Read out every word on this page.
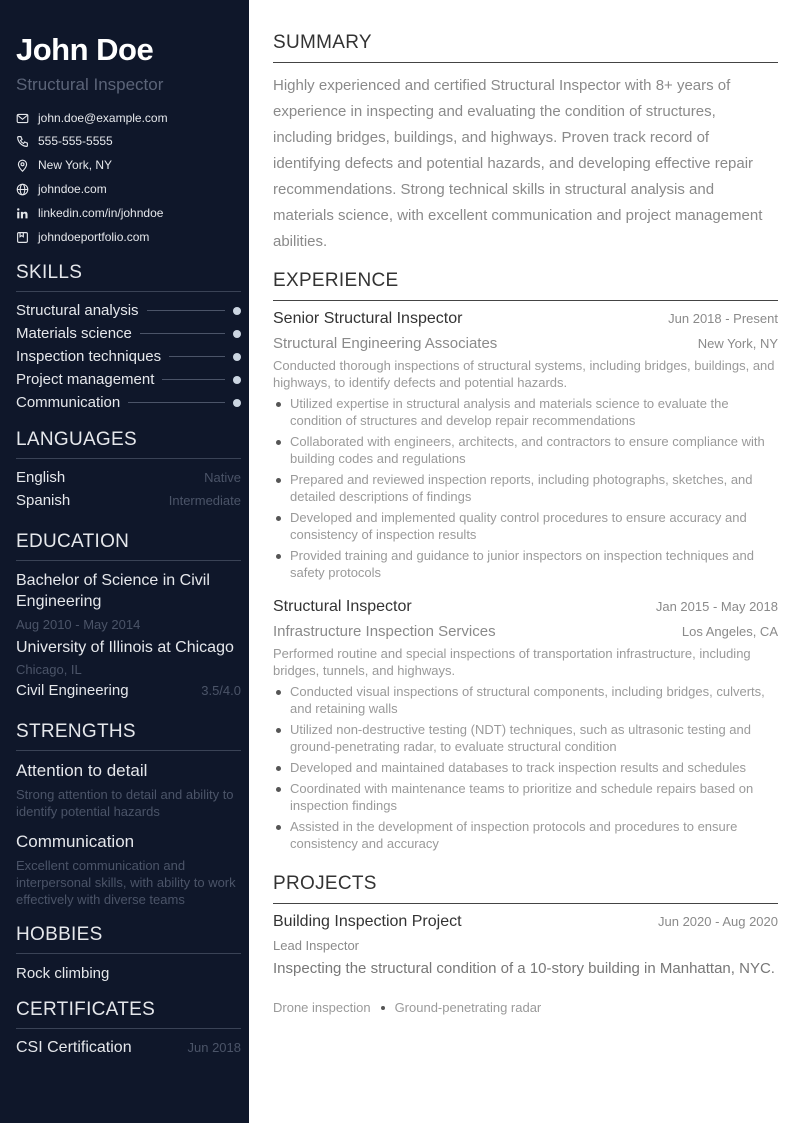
John Doe
Structural Inspector
john.doe@example.com
555-555-5555
New York, NY
johndoe.com
linkedin.com/in/johndoe
johndoeportfolio.com
SKILLS
Structural analysis
Materials science
Inspection techniques
Project management
Communication
LANGUAGES
English	Native
Spanish	Intermediate
EDUCATION
Bachelor of Science in Civil Engineering
Aug 2010 - May 2014
University of Illinois at Chicago
Chicago, IL
Civil Engineering	3.5/4.0
STRENGTHS
Attention to detail
Strong attention to detail and ability to identify potential hazards
Communication
Excellent communication and interpersonal skills, with ability to work effectively with diverse teams
HOBBIES
Rock climbing
CERTIFICATES
CSI Certification	Jun 2018
SUMMARY
Highly experienced and certified Structural Inspector with 8+ years of experience in inspecting and evaluating the condition of structures, including bridges, buildings, and highways. Proven track record of identifying defects and potential hazards, and developing effective repair recommendations. Strong technical skills in structural analysis and materials science, with excellent communication and project management abilities.
EXPERIENCE
Senior Structural Inspector	Jun 2018 - Present
Structural Engineering Associates	New York, NY
Conducted thorough inspections of structural systems, including bridges, buildings, and highways, to identify defects and potential hazards.
Utilized expertise in structural analysis and materials science to evaluate the condition of structures and develop repair recommendations
Collaborated with engineers, architects, and contractors to ensure compliance with building codes and regulations
Prepared and reviewed inspection reports, including photographs, sketches, and detailed descriptions of findings
Developed and implemented quality control procedures to ensure accuracy and consistency of inspection results
Provided training and guidance to junior inspectors on inspection techniques and safety protocols
Structural Inspector	Jan 2015 - May 2018
Infrastructure Inspection Services	Los Angeles, CA
Performed routine and special inspections of transportation infrastructure, including bridges, tunnels, and highways.
Conducted visual inspections of structural components, including bridges, culverts, and retaining walls
Utilized non-destructive testing (NDT) techniques, such as ultrasonic testing and ground-penetrating radar, to evaluate structural condition
Developed and maintained databases to track inspection results and schedules
Coordinated with maintenance teams to prioritize and schedule repairs based on inspection findings
Assisted in the development of inspection protocols and procedures to ensure consistency and accuracy
PROJECTS
Building Inspection Project	Jun 2020 - Aug 2020
Lead Inspector
Inspecting the structural condition of a 10-story building in Manhattan, NYC.
Drone inspection Ground-penetrating radar
